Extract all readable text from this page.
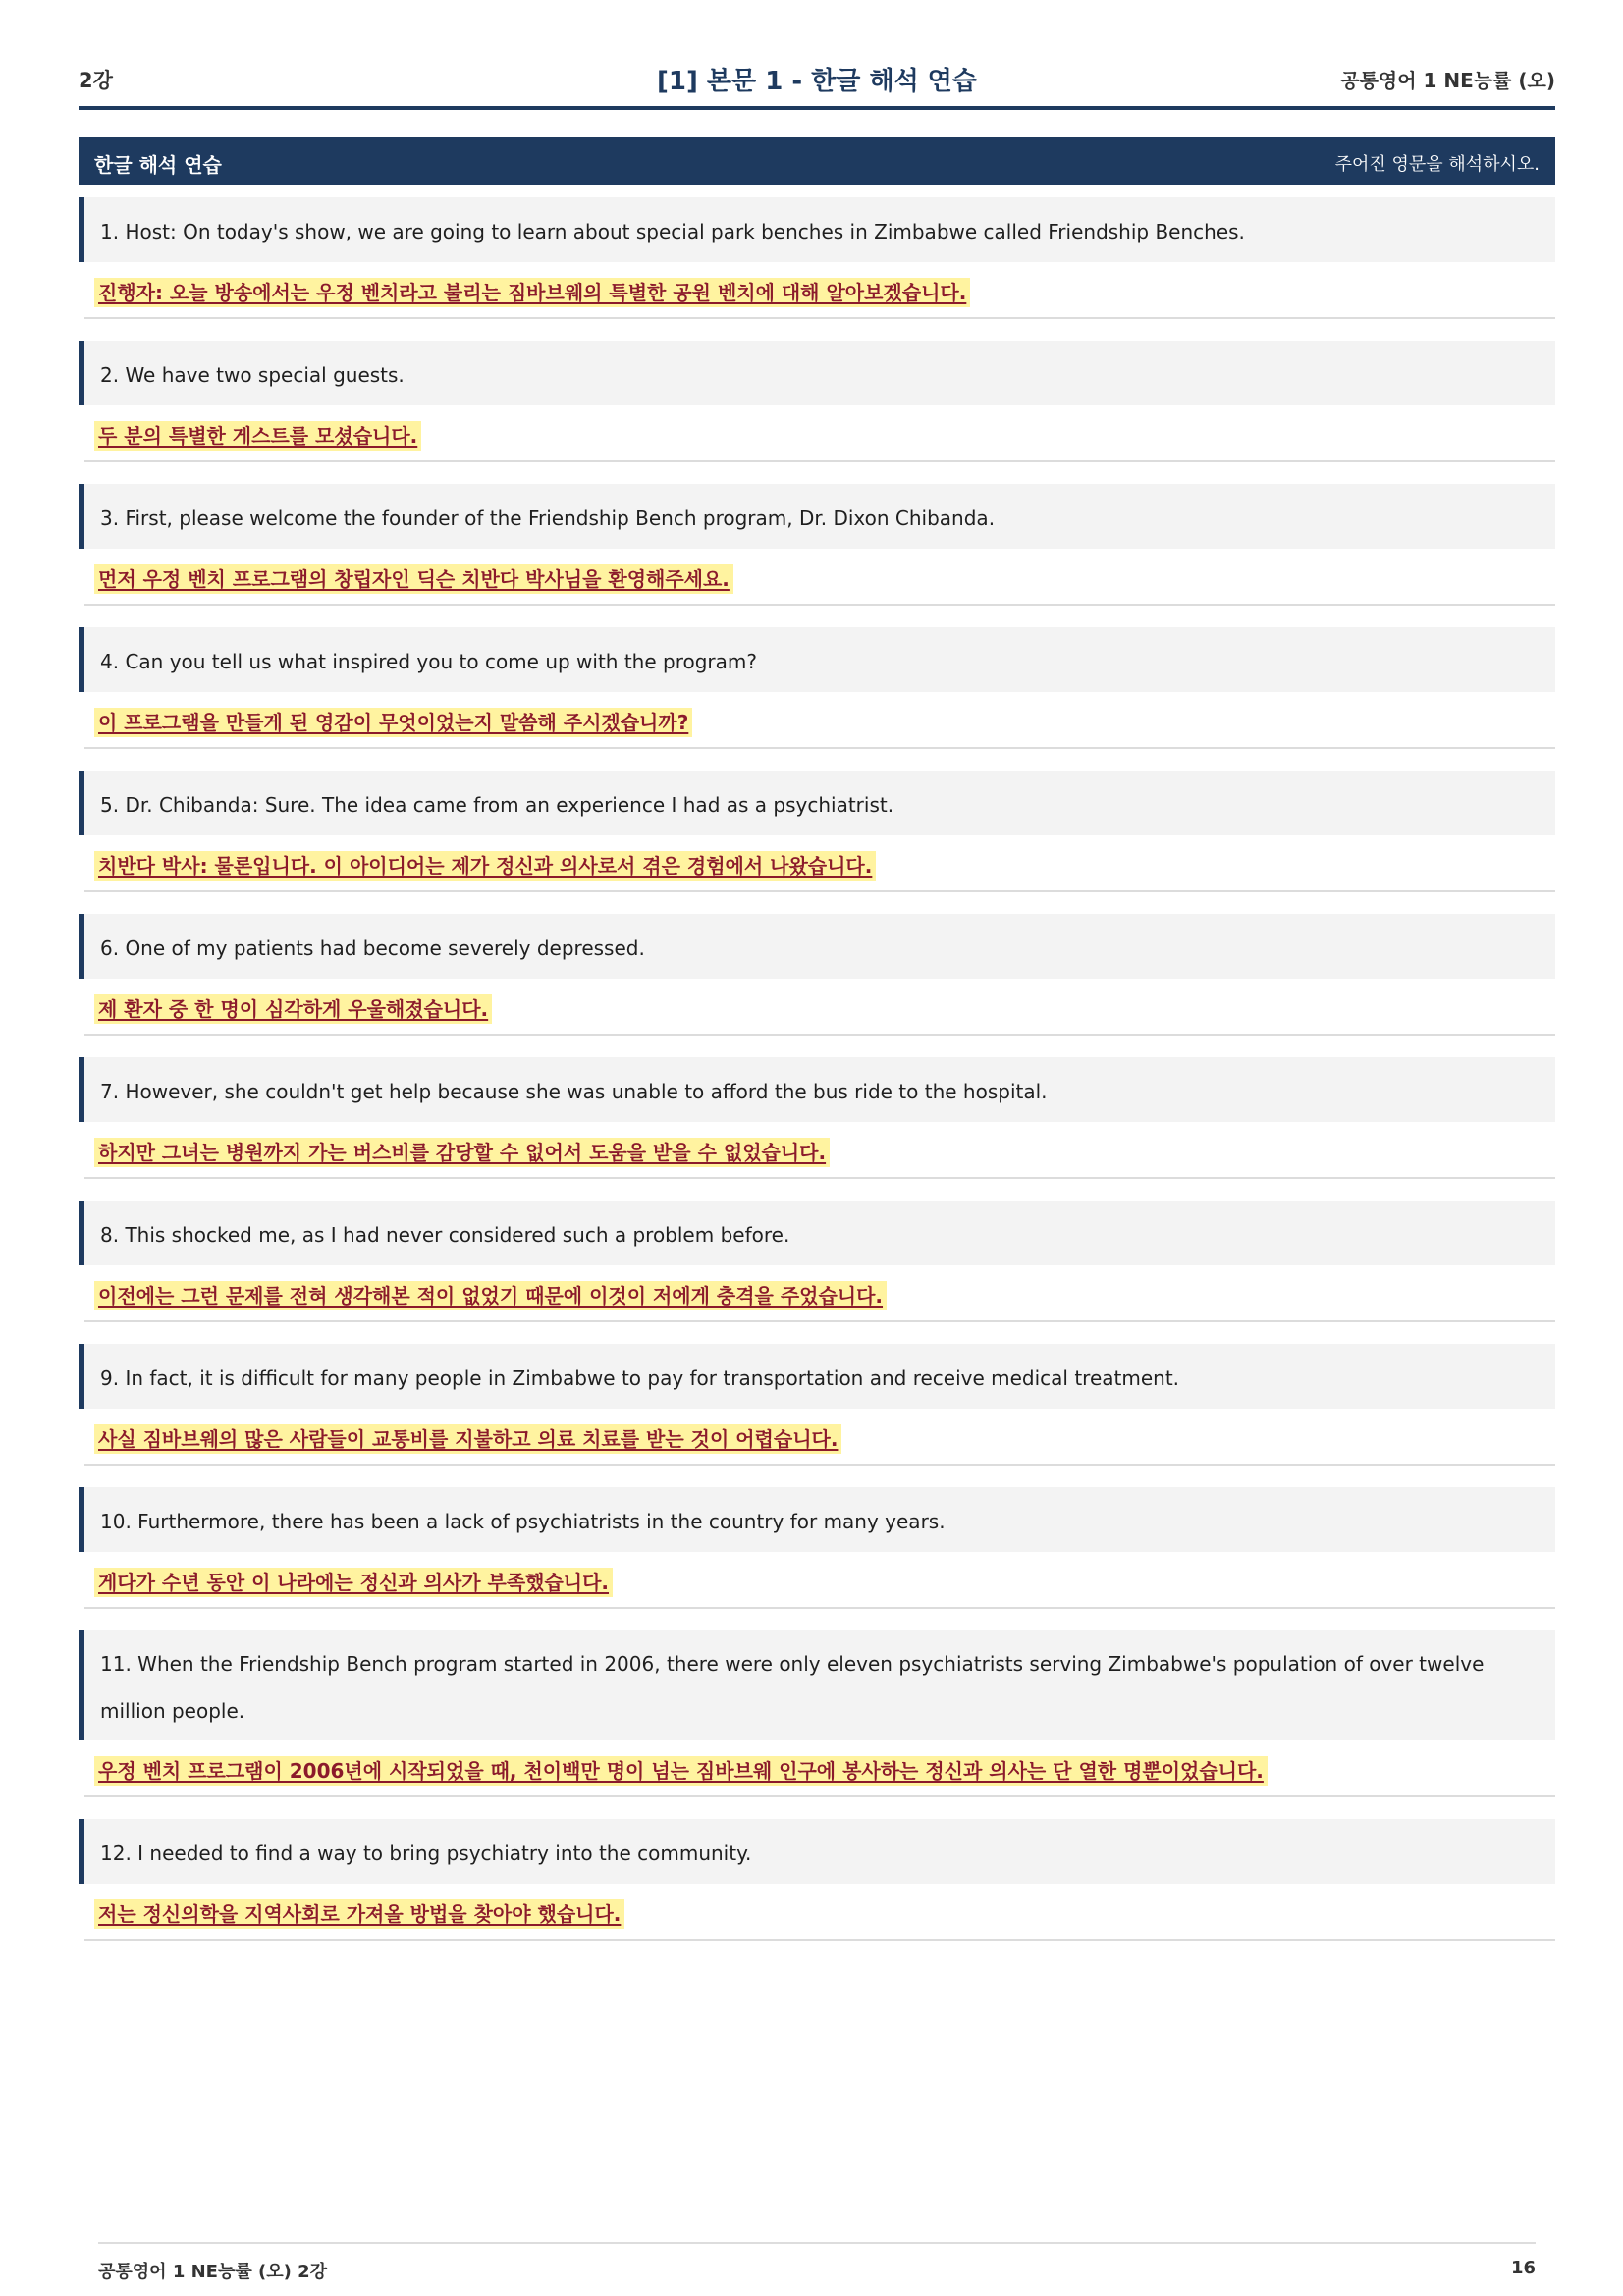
2강	[1] 본문 1 - 한글 해석 연습	공통영어 1 NE능률 (오)
한글 해석 연습	주어진 영문을 해석하시오.
1. Host: On today's show, we are going to learn about special park benches in Zimbabwe called Friendship Benches.
진행자: 오늘 방송에서는 우정 벤치라고 불리는 짐바브웨의 특별한 공원 벤치에 대해 알아보겠습니다.
2. We have two special guests.
두 분의 특별한 게스트를 모셨습니다.
3. First, please welcome the founder of the Friendship Bench program, Dr. Dixon Chibanda.
먼저 우정 벤치 프로그램의 창립자인 딕슨 치반다 박사님을 환영해주세요.
4. Can you tell us what inspired you to come up with the program?
이 프로그램을 만들게 된 영감이 무엇이었는지 말씀해 주시겠습니까?
5. Dr. Chibanda: Sure. The idea came from an experience I had as a psychiatrist.
치반다 박사: 물론입니다. 이 아이디어는 제가 정신과 의사로서 겪은 경험에서 나왔습니다.
6. One of my patients had become severely depressed.
제 환자 중 한 명이 심각하게 우울해졌습니다.
7. However, she couldn't get help because she was unable to afford the bus ride to the hospital.
하지만 그녀는 병원까지 가는 버스비를 감당할 수 없어서 도움을 받을 수 없었습니다.
8. This shocked me, as I had never considered such a problem before.
이전에는 그런 문제를 전혀 생각해본 적이 없었기 때문에 이것이 저에게 충격을 주었습니다.
9. In fact, it is difficult for many people in Zimbabwe to pay for transportation and receive medical treatment.
사실 짐바브웨의 많은 사람들이 교통비를 지불하고 의료 치료를 받는 것이 어렵습니다.
10. Furthermore, there has been a lack of psychiatrists in the country for many years.
게다가 수년 동안 이 나라에는 정신과 의사가 부족했습니다.
11. When the Friendship Bench program started in 2006, there were only eleven psychiatrists serving Zimbabwe's population of over twelve million people.
우정 벤치 프로그램이 2006년에 시작되었을 때, 천이백만 명이 넘는 짐바브웨 인구에 봉사하는 정신과 의사는 단 열한 명뿐이었습니다.
12. I needed to find a way to bring psychiatry into the community.
저는 정신의학을 지역사회로 가져올 방법을 찾아야 했습니다.
공통영어 1 NE능률 (오) 2강	16
